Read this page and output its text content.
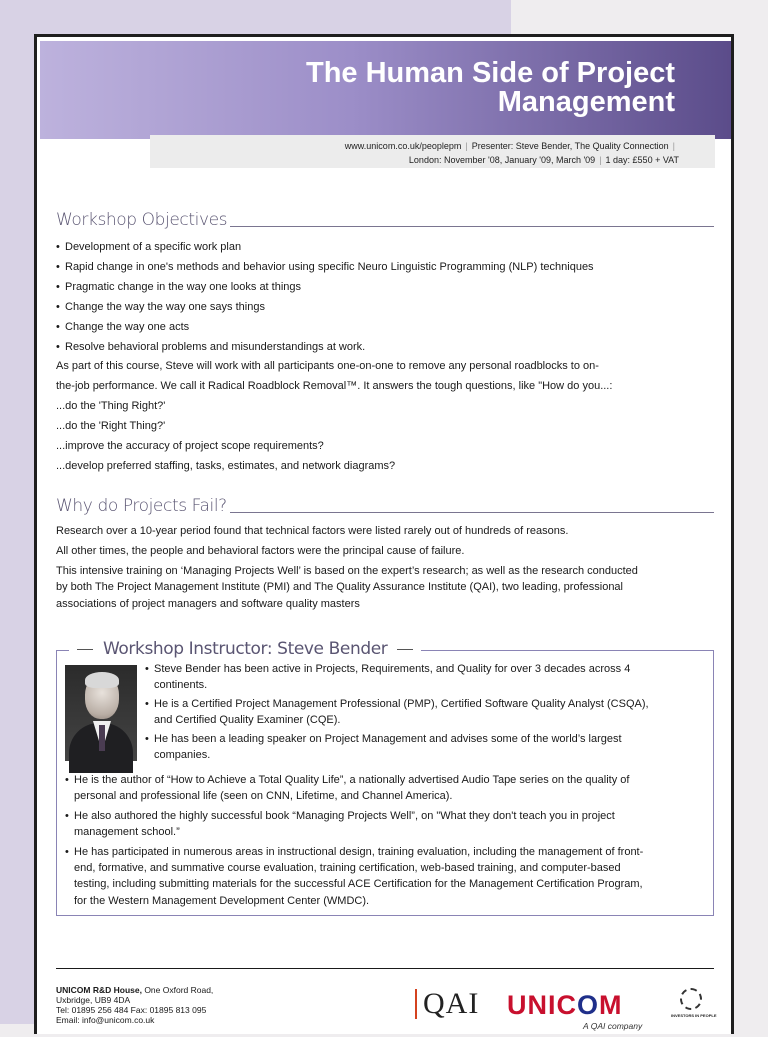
The Human Side of Project
Management
www.unicom.co.uk/peoplepm | Presenter: Steve Bender, The Quality Connection |
London: November '08, January '09, March '09 | 1 day: £550 + VAT
Workshop Objectives

• Development of a specific work plan

• Rapid change in one's methods and behavior using specific Neuro Linguistic Programming (NLP) techniques

• Pragmatic change in the way one looks at things

• Change the way the way one says things

• Change the way one acts

• Resolve behavioral problems and misunderstandings at work.

As part of this course, Steve will work with all participants one-on-one to remove any personal roadblocks to on-

the-job performance. We call it Radical Roadblock Removal™. It answers the tough questions, like "How do you...:

...do the 'Thing Right?'

...do the 'Right Thing?'

...improve the accuracy of project scope requirements?

...develop preferred staffing, tasks, estimates, and network diagrams?

Why do Projects Fail?

Research over a 10-year period found that technical factors were listed rarely out of hundreds of reasons.

All other times, the people and behavioral factors were the principal cause of failure.

This intensive training on ‘Managing Projects Well’ is based on the expert’s research; as well as the research conducted

by both The Project Management Institute (PMI) and The Quality Assurance Institute (QAI), two leading, professional

associations of project managers and software quality masters

Workshop Instructor: Steve Bender
• Steve Bender has been active in Projects, Requirements, and Quality for over 3 decades across 4
continents.
• He is a Certified Project Management Professional (PMP), Certified Software Quality Analyst (CSQA),
and Certified Quality Examiner (CQE).
• He has been a leading speaker on Project Management and advises some of the world’s largest
companies.
• He is the author of “How to Achieve a Total Quality Life”, a nationally advertised Audio Tape series on the quality of
personal and professional life (seen on CNN, Lifetime, and Channel America).
• He also authored the highly successful book “Managing Projects Well”, on "What they don't teach you in project
management school.”
• He has participated in numerous areas in instructional design, training evaluation, including the management of front-
end, formative, and summative course evaluation, training certification, web-based training, and computer-based
testing, including submitting materials for the successful ACE Certification for the Management Certification Program,
for the Western Management Development Center (WMDC).
UNICOM R&D House, One Oxford Road,
Uxbridge, UB9 4DA
Tel: 01895 256 484 Fax: 01895 813 095
Email: info@unicom.co.uk	QAI UNICOM
A QAI company
INVESTORS IN PEOPLE
